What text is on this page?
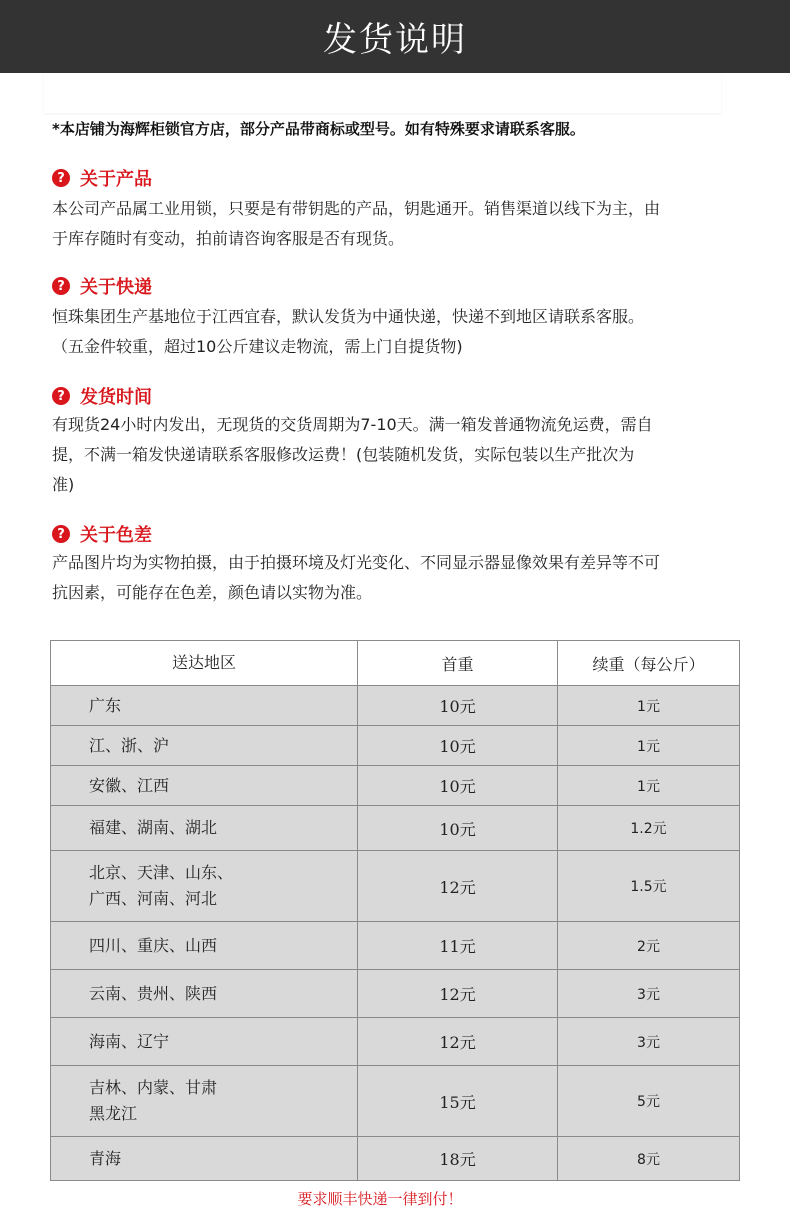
发货说明
*本店铺为海辉柜锁官方店，部分产品带商标或型号。如有特殊要求请联系客服。
? 关于产品
本公司产品属工业用锁，只要是有带钥匙的产品，钥匙通开。销售渠道以线下为主，由
于库存随时有变动，拍前请咨询客服是否有现货。
? 关于快递
恒珠集团生产基地位于江西宜春，默认发货为中通快递，快递不到地区请联系客服。
（五金件较重，超过10公斤建议走物流，需上门自提货物)
? 发货时间
有现货24小时内发出，无现货的交货周期为7-10天。满一箱发普通物流免运费，需自
提，不满一箱发快递请联系客服修改运费！(包装随机发货，实际包装以生产批次为
准)
? 关于色差
产品图片均为实物拍摄，由于拍摄环境及灯光变化、不同显示器显像效果有差异等不可
抗因素，可能存在色差，颜色请以实物为准。
送达地区	首重	续重（每公斤）

广东	10元	1元

江、浙、沪	10元	1元

安徽、江西	10元	1元

福建、湖南、湖北	10元	1.2元

北京、天津、山东、
广西、河南、河北	12元	1.5元

四川、重庆、山西	11元	2元

云南、贵州、陕西	12元	3元

海南、辽宁	12元	3元

吉林、内蒙、甘肃
黑龙江	15元	5元

青海	18元	8元
要求顺丰快递一律到付！
